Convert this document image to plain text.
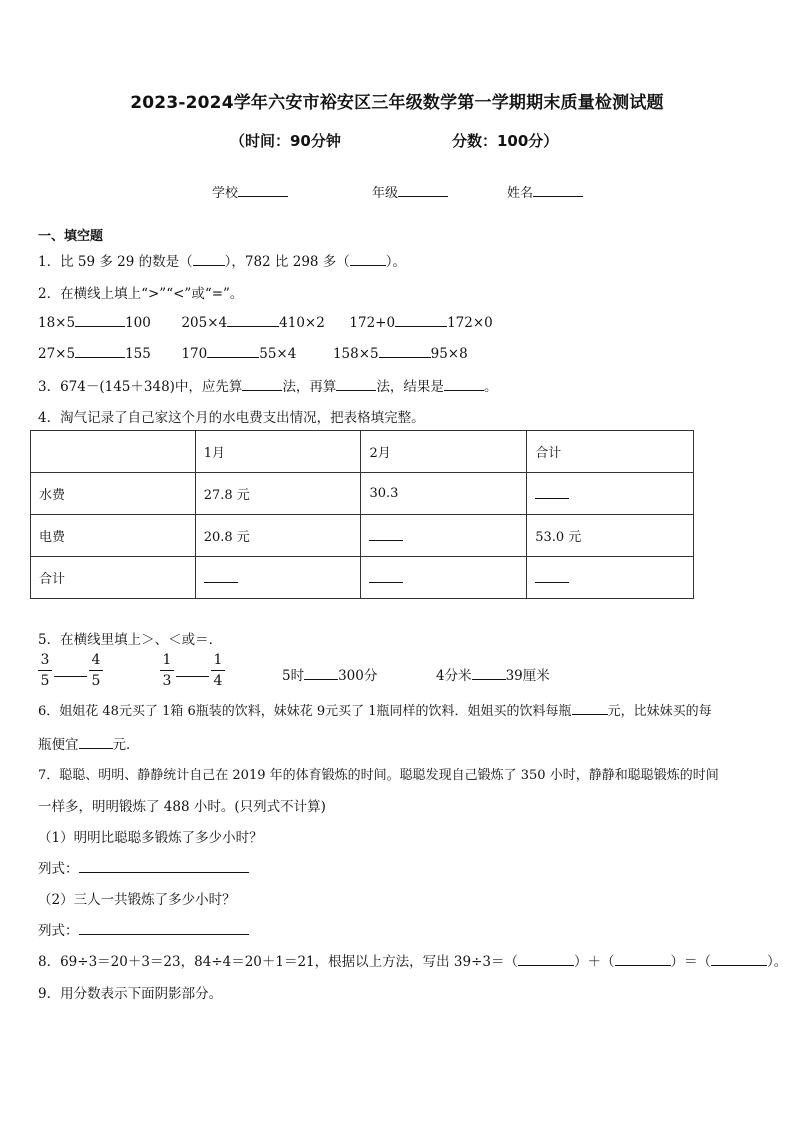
2023-2024学年六安市裕安区三年级数学第一学期期末质量检测试题
（时间：90分钟	分数：100分）
学校	年级	姓名
一、填空题
1．比 59 多 29 的数是（ ），782 比 298 多（	）。
2．在横线上填上“>”“<”或“=”。
18×5	100 205×4	410×2 172+0	172×0
27×5	155 170	55×4	158×5	95×8
3．674－(145＋348)中，应先算	法，再算	法，结果是	。
4．淘气记录了自己家这个月的水电费支出情况，把表格填完整。
	1月	2月	合计
水费	27.8 元	30.3	
电费	20.8 元		53.0 元
合计			
5．在横线里填上＞、＜或＝．
3
5
4
5
1
3
1
4	5时	300分	4分米	39厘米
6．姐姐花 48元买了 1箱 6瓶装的饮料，妹妹花 9元买了 1瓶同样的饮料．姐姐买的饮料每瓶	元，比妹妹买的每
瓶便宜	元．
7．聪聪、明明、静静统计自己在 2019 年的体育锻炼的时间。聪聪发现自己锻炼了 350 小时，静静和聪聪锻炼的时间
一样多，明明锻炼了 488 小时。(只列式不计算)
（1）明明比聪聪多锻炼了多少小时？
列式：
（2）三人一共锻炼了多少小时？
列式：
8．69÷3＝20＋3＝23，84÷4＝20＋1＝21，根据以上方法，写出 39÷3＝（	）＋（	）＝（	）。
9．用分数表示下面阴影部分。
